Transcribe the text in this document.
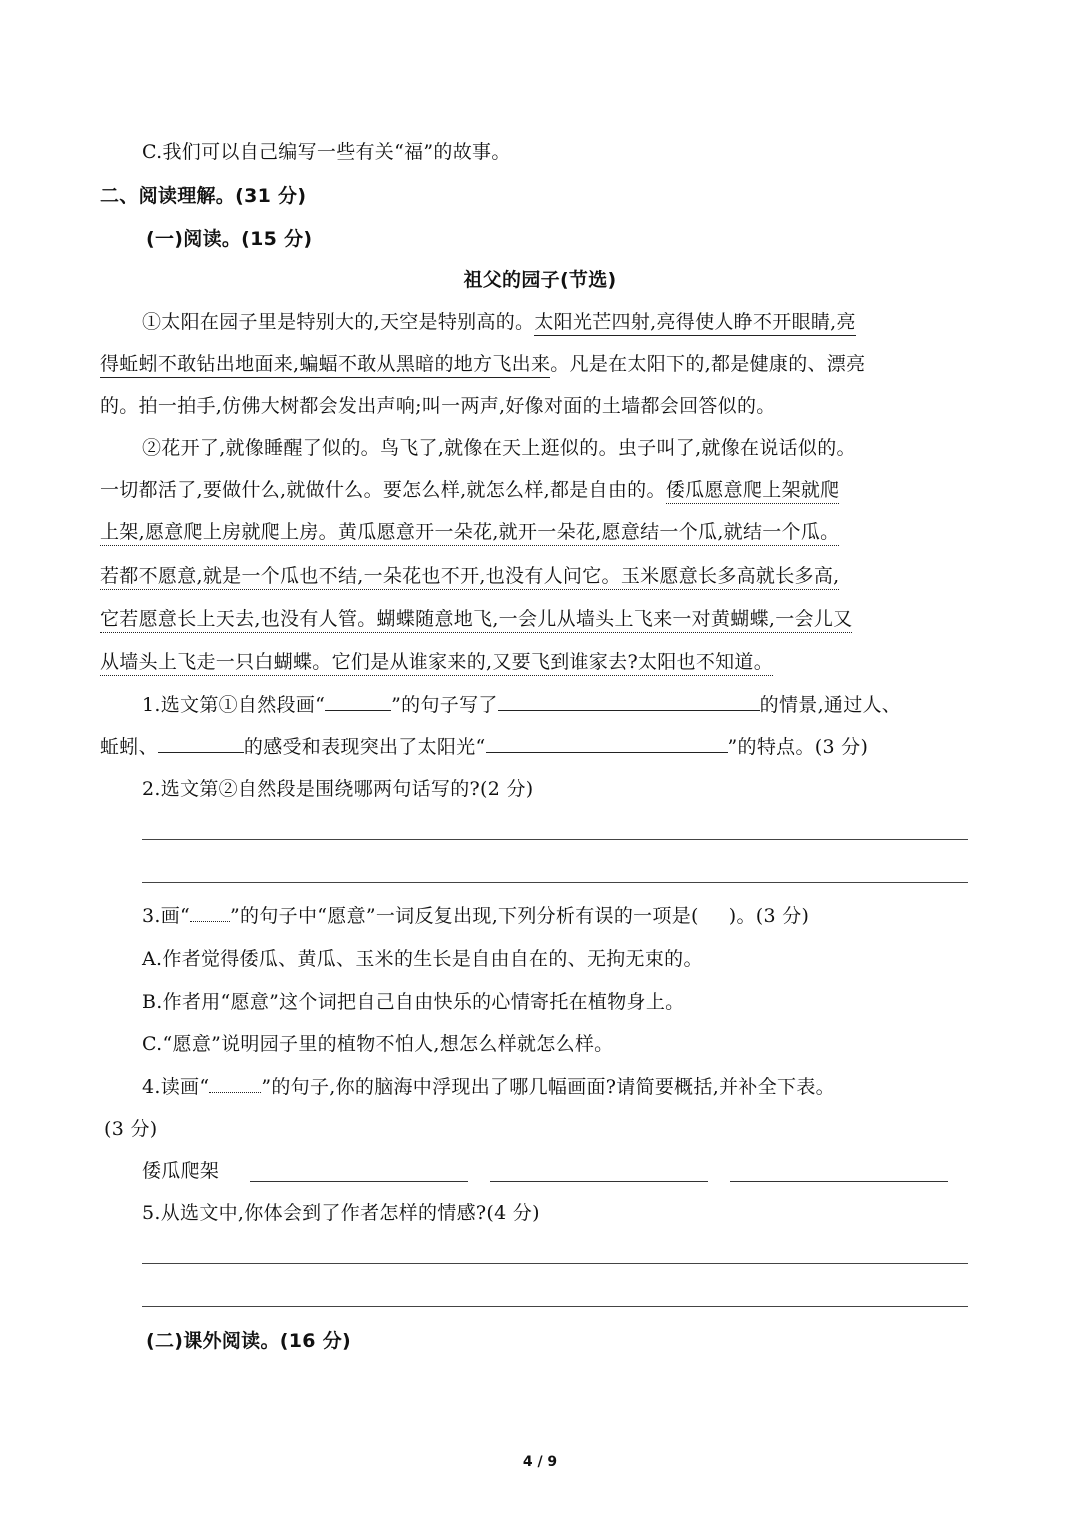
C.我们可以自己编写一些有关“福”的故事。
二、阅读理解。(31 分)
(一)阅读。(15 分)
祖父的园子(节选)
①太阳在园子里是特别大的,天空是特别高的。太阳光芒四射,亮得使人睁不开眼睛,亮
得蚯蚓不敢钻出地面来,蝙蝠不敢从黑暗的地方飞出来。凡是在太阳下的,都是健康的、漂亮
的。拍一拍手,仿佛大树都会发出声响;叫一两声,好像对面的土墙都会回答似的。
②花开了,就像睡醒了似的。鸟飞了,就像在天上逛似的。虫子叫了,就像在说话似的。
一切都活了,要做什么,就做什么。要怎么样,就怎么样,都是自由的。倭瓜愿意爬上架就爬
上架,愿意爬上房就爬上房。黄瓜愿意开一朵花,就开一朵花,愿意结一个瓜,就结一个瓜。
若都不愿意,就是一个瓜也不结,一朵花也不开,也没有人问它。玉米愿意长多高就长多高,
它若愿意长上天去,也没有人管。蝴蝶随意地飞,一会儿从墙头上飞来一对黄蝴蝶,一会儿又
从墙头上飞走一只白蝴蝶。它们是从谁家来的,又要飞到谁家去?太阳也不知道。
1.选文第①自然段画“	”的句子写了	的情景,通过人、
蚯蚓、	的感受和表现突出了太阳光“	”的特点。(3 分)
2.选文第②自然段是围绕哪两句话写的?(2 分)
3.画“ ”的句子中“愿意”一词反复出现,下列分析有误的一项是( )。(3 分)
A.作者觉得倭瓜、黄瓜、玉米的生长是自由自在的、无拘无束的。
B.作者用“愿意”这个词把自己自由快乐的心情寄托在植物身上。
C.“愿意”说明园子里的植物不怕人,想怎么样就怎么样。
4.读画“	”的句子,你的脑海中浮现出了哪几幅画面?请简要概括,并补全下表。
(3 分)
倭瓜爬架
5.从选文中,你体会到了作者怎样的情感?(4 分)
(二)课外阅读。(16 分)
4 / 9
